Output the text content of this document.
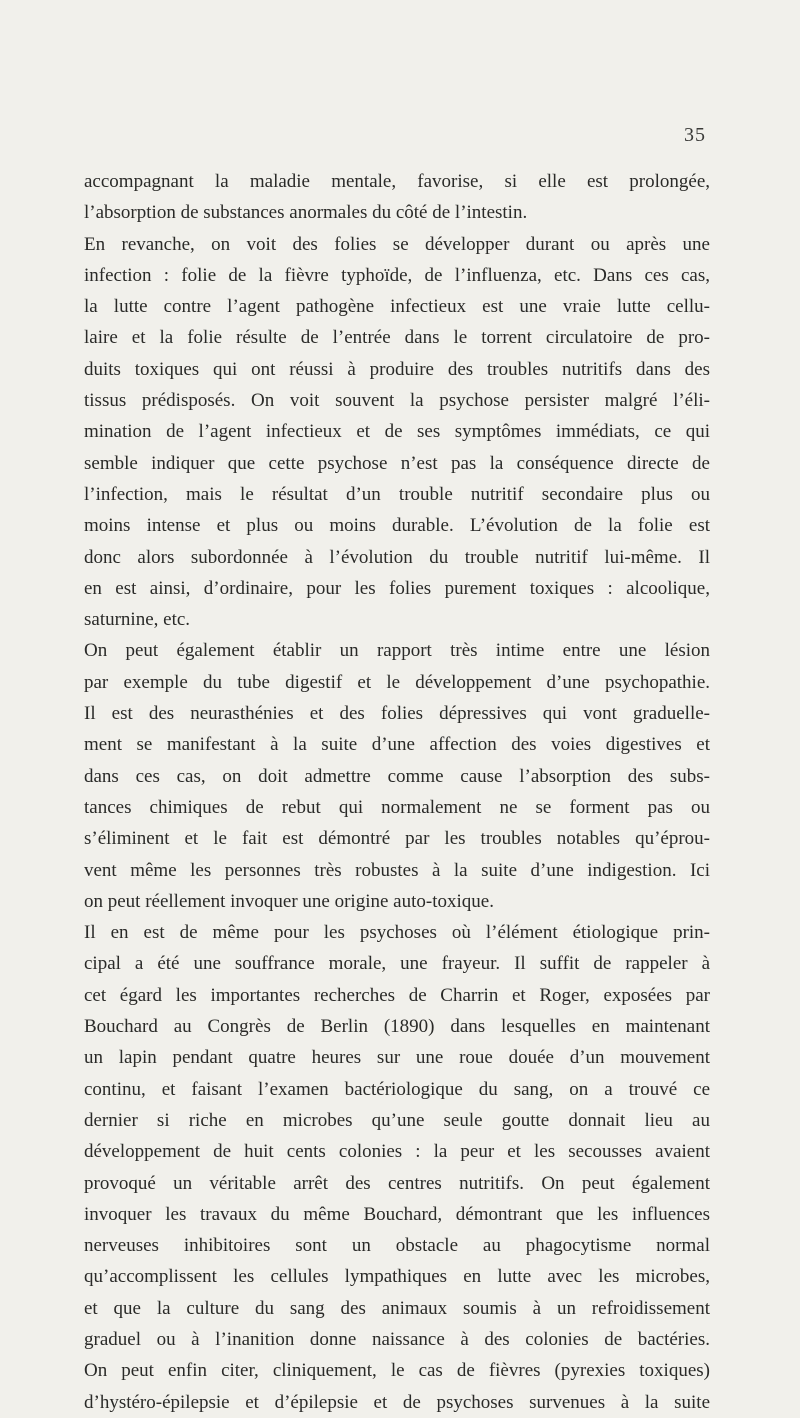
35
accompagnant la maladie mentale, favorise, si elle est prolongée,
l’absorption de substances anormales du côté de l’intestin.
En revanche, on voit des folies se développer durant ou après une
infection : folie de la fièvre typhoïde, de l’influenza, etc. Dans ces cas,
la lutte contre l’agent pathogène infectieux est une vraie lutte cellu-
laire et la folie résulte de l’entrée dans le torrent circulatoire de pro-
duits toxiques qui ont réussi à produire des troubles nutritifs dans des
tissus prédisposés. On voit souvent la psychose persister malgré l’éli-
mination de l’agent infectieux et de ses symptômes immédiats, ce qui
semble indiquer que cette psychose n’est pas la conséquence directe de
l’infection, mais le résultat d’un trouble nutritif secondaire plus ou
moins intense et plus ou moins durable. L’évolution de la folie est
donc alors subordonnée à l’évolution du trouble nutritif lui-même. Il
en est ainsi, d’ordinaire, pour les folies purement toxiques : alcoolique,
saturnine, etc.
On peut également établir un rapport très intime entre une lésion
par exemple du tube digestif et le développement d’une psychopathie.
Il est des neurasthénies et des folies dépressives qui vont graduelle-
ment se manifestant à la suite d’une affection des voies digestives et
dans ces cas, on doit admettre comme cause l’absorption des subs-
tances chimiques de rebut qui normalement ne se forment pas ou
s’éliminent et le fait est démontré par les troubles notables qu’éprou-
vent même les personnes très robustes à la suite d’une indigestion. Ici
on peut réellement invoquer une origine auto-toxique.
Il en est de même pour les psychoses où l’élément étiologique prin-
cipal a été une souffrance morale, une frayeur. Il suffit de rappeler à
cet égard les importantes recherches de Charrin et Roger, exposées par
Bouchard au Congrès de Berlin (1890) dans lesquelles en maintenant
un lapin pendant quatre heures sur une roue douée d’un mouvement
continu, et faisant l’examen bactériologique du sang, on a trouvé ce
dernier si riche en microbes qu’une seule goutte donnait lieu au
développement de huit cents colonies : la peur et les secousses avaient
provoqué un véritable arrêt des centres nutritifs. On peut également
invoquer les travaux du même Bouchard, démontrant que les influences
nerveuses inhibitoires sont un obstacle au phagocytisme normal
qu’accomplissent les cellules lympathiques en lutte avec les microbes,
et que la culture du sang des animaux soumis à un refroidissement
graduel ou à l’inanition donne naissance à des colonies de bactéries.
On peut enfin citer, cliniquement, le cas de fièvres (pyrexies toxiques)
d’hystéro-épilepsie et d’épilepsie et de psychoses survenues à la suite
